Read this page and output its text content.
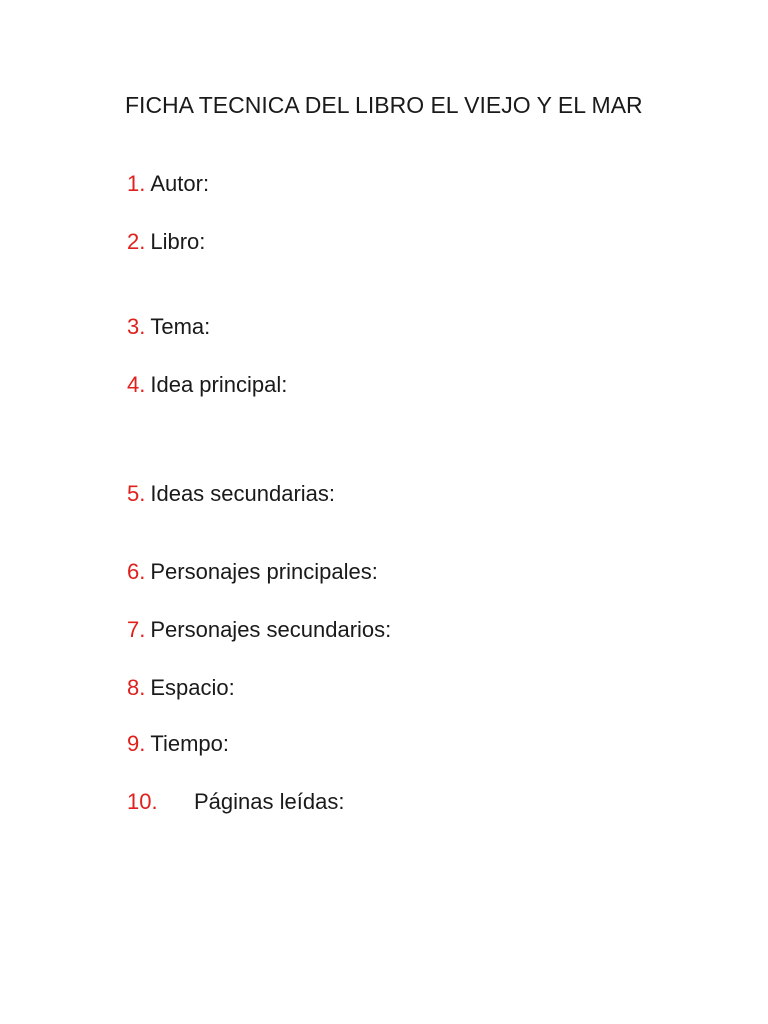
FICHA TECNICA DEL LIBRO EL VIEJO Y EL MAR
1. Autor:
2. Libro:
3. Tema:
4. Idea principal:
5. Ideas secundarias:
6. Personajes principales:
7. Personajes secundarios:
8. Espacio:
9. Tiempo:
10. Páginas leídas:
